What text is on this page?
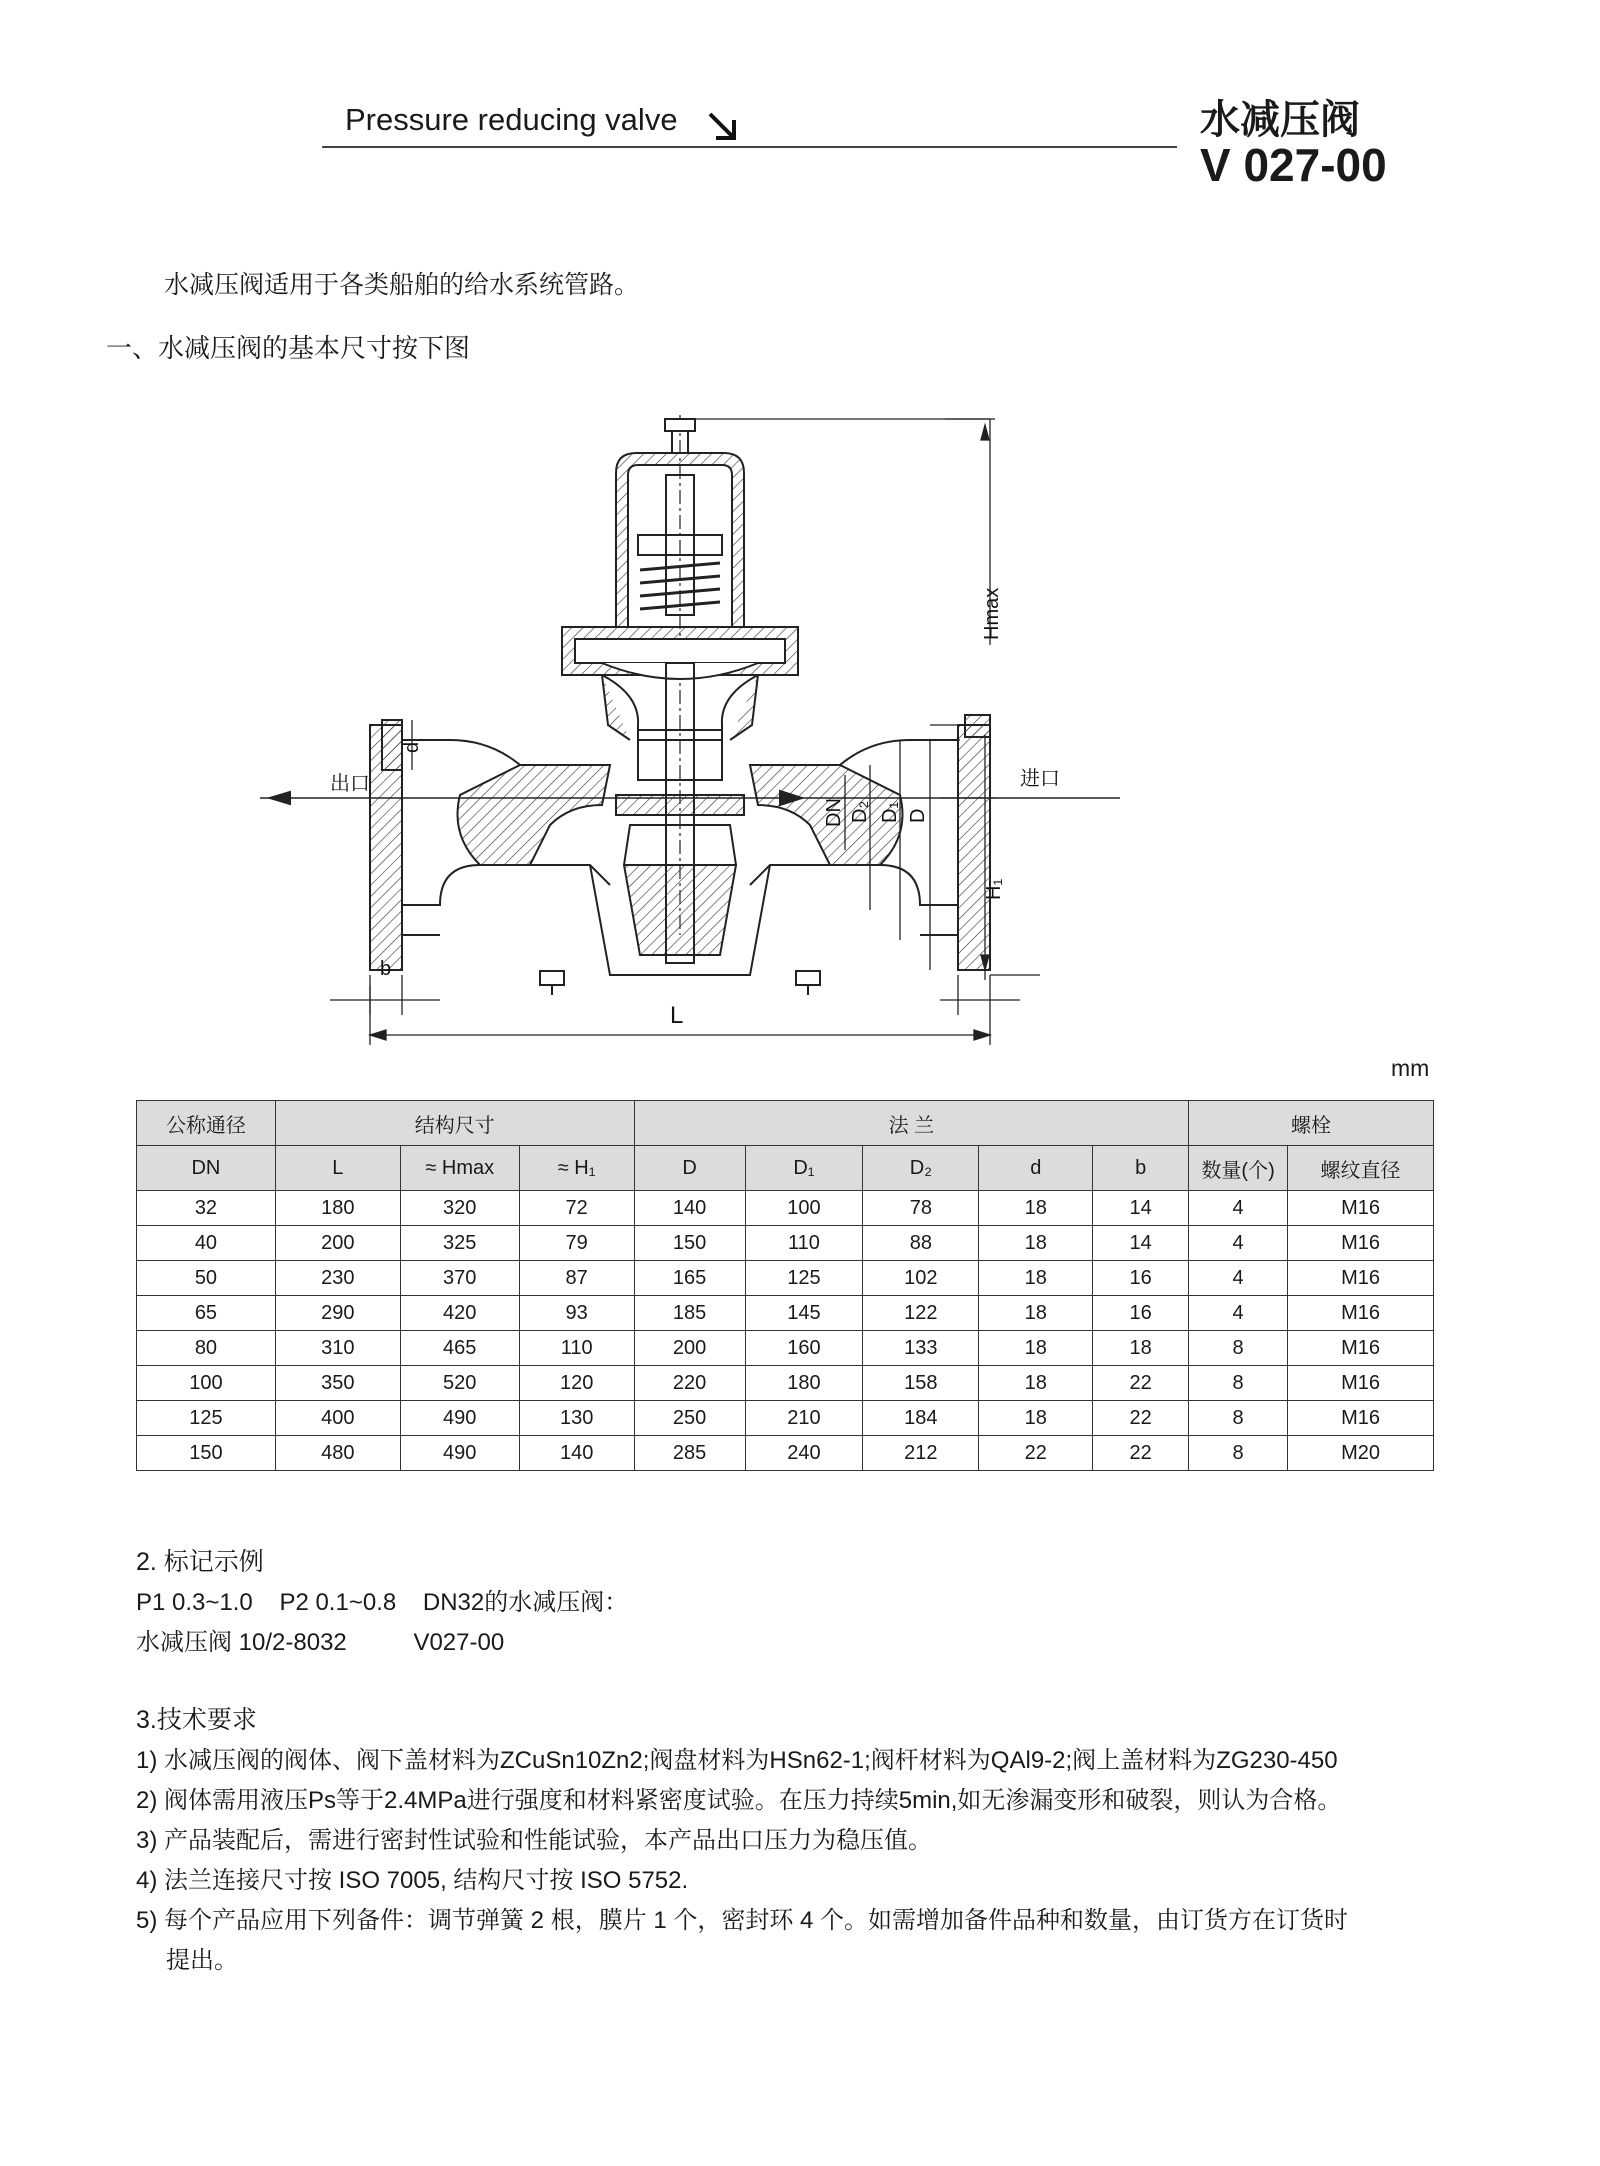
Pressure reducing valve	水减压阀
V 027-00
水减压阀适用于各类船舶的给水系统管路。
一、水减压阀的基本尺寸按下图
Hmax
H₁
出口	进口
d
DN D₂ D₁ D
b
L
mm
公称通径	结构尺寸			法 兰					螺栓	
DN	L	≈ Hmax	≈ H₁	D	D₁	D₂	d	b	数量(个)	螺纹直径
32	180	320	72	140	100	78	18	14	4	M16
40	200	325	79	150	110	88	18	14	4	M16
50	230	370	87	165	125	102	18	16	4	M16
65	290	420	93	185	145	122	18	16	4	M16
80	310	465	110	200	160	133	18	18	8	M16
100	350	520	120	220	180	158	18	22	8	M16
125	400	490	130	250	210	184	18	22	8	M16
150	480	490	140	285	240	212	22	22	8	M20
2. 标记示例
P1 0.3~1.0 P2 0.1~0.8 DN32的水减压阀：
水减压阀 10/2-8032	V027-00
3.技术要求
1) 水减压阀的阀体、阀下盖材料为ZCuSn10Zn2;阀盘材料为HSn62-1;阀杆材料为QAl9-2;阀上盖材料为ZG230-450
2) 阀体需用液压Ps等于2.4MPa进行强度和材料紧密度试验。在压力持续5min,如无渗漏变形和破裂，则认为合格。
3) 产品装配后，需进行密封性试验和性能试验，本产品出口压力为稳压值。
4) 法兰连接尺寸按 ISO 7005, 结构尺寸按 ISO 5752.
5) 每个产品应用下列备件：调节弹簧 2 根，膜片 1 个，密封环 4 个。如需增加备件品种和数量，由订货方在订货时
提出。
